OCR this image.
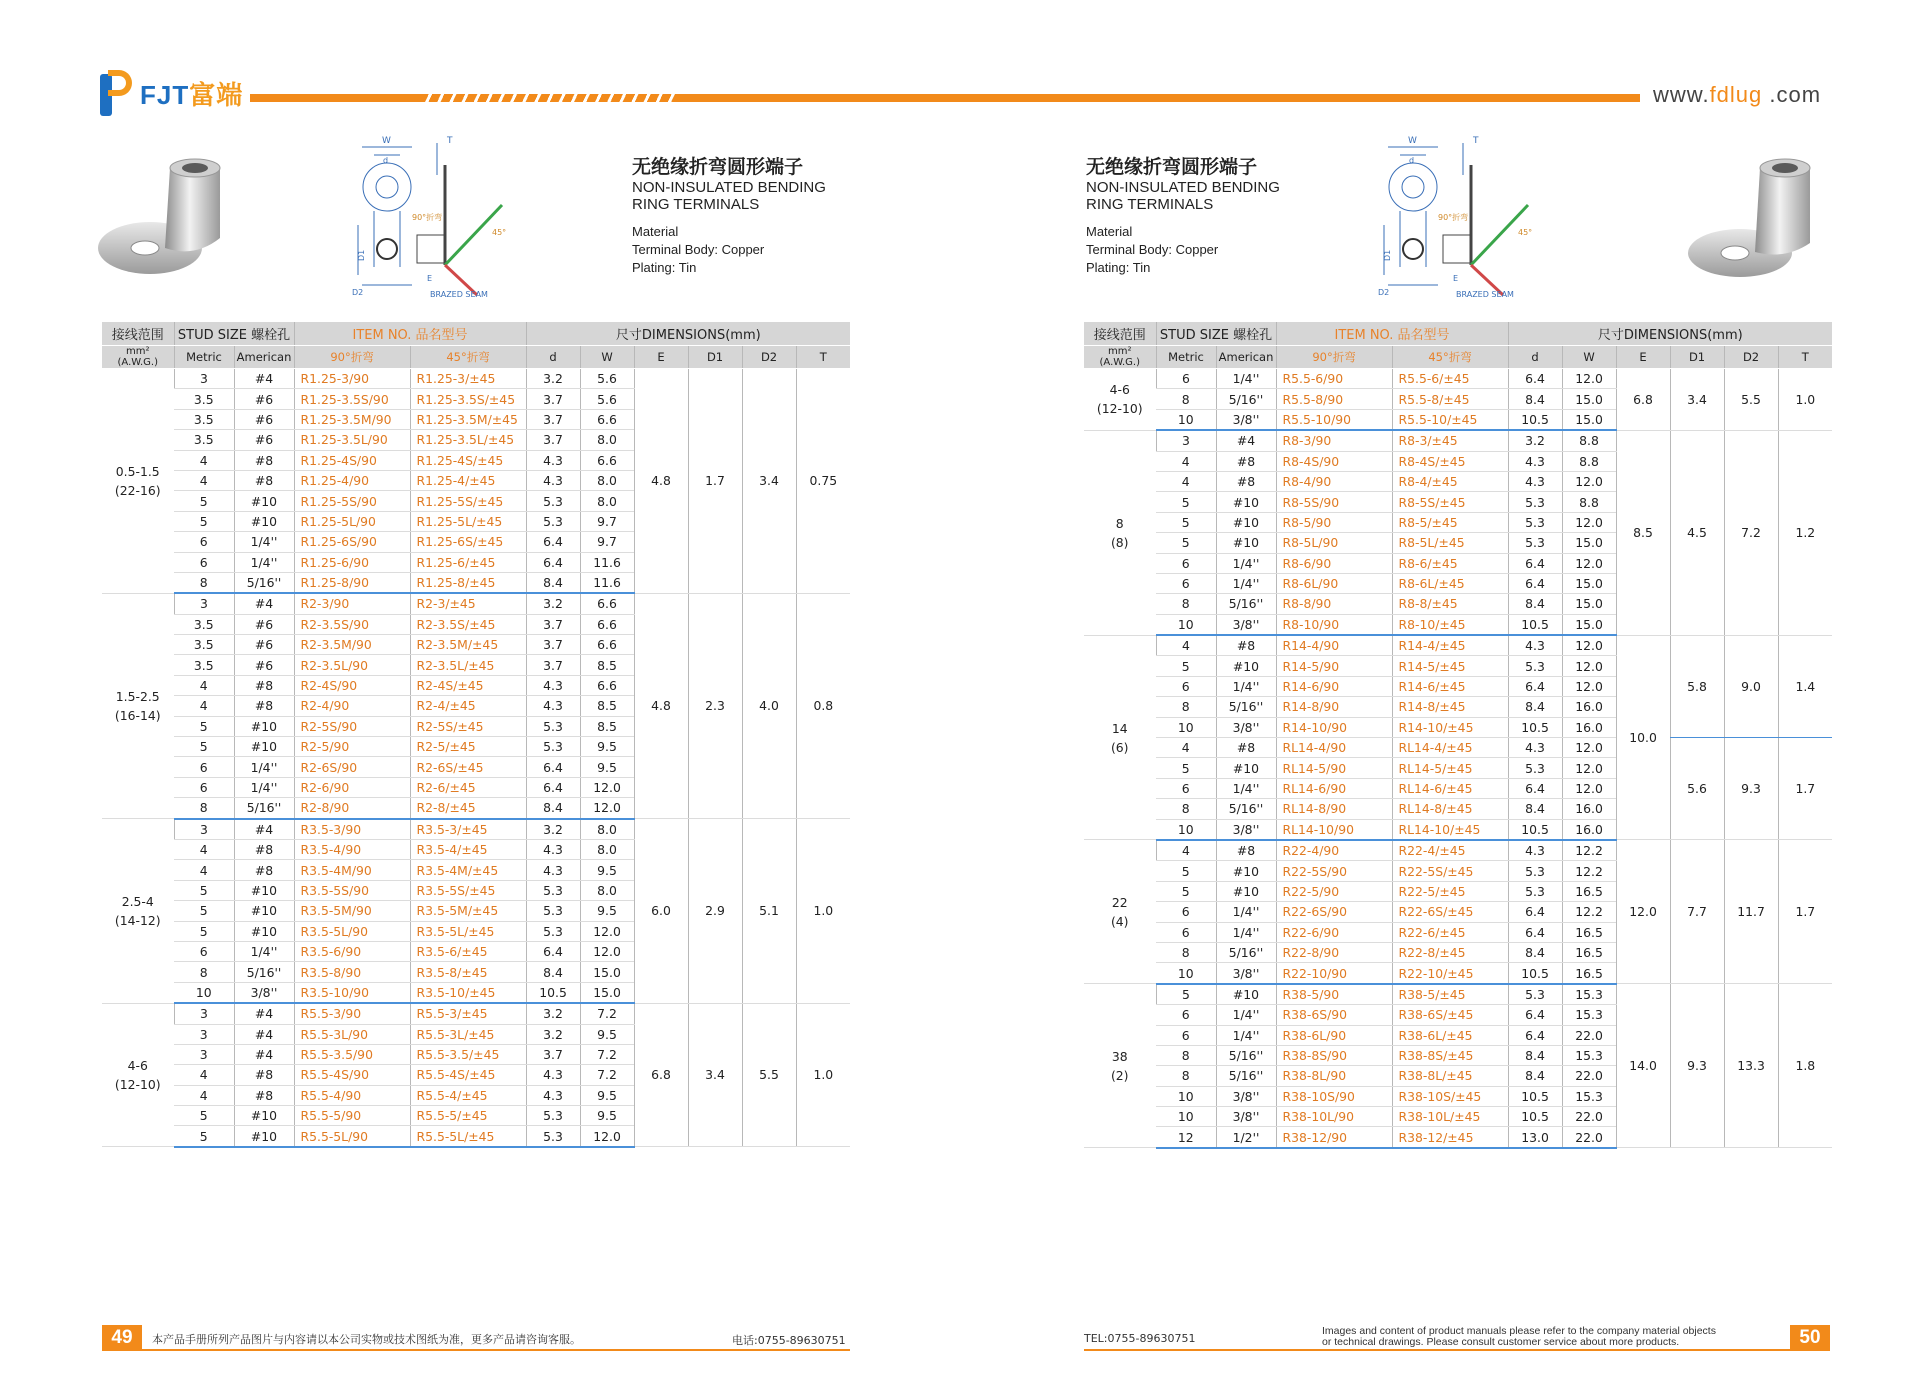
FJT富端	www.fdlug .com
W
d
T
D1
D2
E
90°折弯
45°
BRAZED SEAM
无绝缘折弯圆形端子
NON-INSULATED BENDING
RING TERMINALS
Material
Terminal Body: Copper
Plating: Tin
无绝缘折弯圆形端子
NON-INSULATED BENDING
RING TERMINALS
Material
Terminal Body: Copper
Plating: Tin
W
d
T
D1
D2
E
90°折弯
45°
BRAZED SEAM
接线范围	STUD SIZE 螺栓孔		ITEM NO. 品名型号		尺寸DIMENSIONS(mm)					

mm²
(A.W.G.)	Metric	American	90°折弯	45°折弯	d	W	E	D1	D2	T

0.5-1.5
(22-16)	3	#4	R1.25-3/90	R1.25-3/±45	3.2	5.6	4.8	1.7	3.4	0.75
	3.5	#6	R1.25-3.5S/90	R1.25-3.5S/±45	3.7	5.6				
	3.5	#6	R1.25-3.5M/90	R1.25-3.5M/±45	3.7	6.6				
	3.5	#6	R1.25-3.5L/90	R1.25-3.5L/±45	3.7	8.0				
	4	#8	R1.25-4S/90	R1.25-4S/±45	4.3	6.6				
	4	#8	R1.25-4/90	R1.25-4/±45	4.3	8.0				
	5	#10	R1.25-5S/90	R1.25-5S/±45	5.3	8.0				
	5	#10	R1.25-5L/90	R1.25-5L/±45	5.3	9.7				
	6	1/4''	R1.25-6S/90	R1.25-6S/±45	6.4	9.7				
	6	1/4''	R1.25-6/90	R1.25-6/±45	6.4	11.6				
	8	5/16''	R1.25-8/90	R1.25-8/±45	8.4	11.6				

1.5-2.5
(16-14)	3	#4	R2-3/90	R2-3/±45	3.2	6.6	4.8	2.3	4.0	0.8
	3.5	#6	R2-3.5S/90	R2-3.5S/±45	3.7	6.6				
	3.5	#6	R2-3.5M/90	R2-3.5M/±45	3.7	6.6				
	3.5	#6	R2-3.5L/90	R2-3.5L/±45	3.7	8.5				
	4	#8	R2-4S/90	R2-4S/±45	4.3	6.6				
	4	#8	R2-4/90	R2-4/±45	4.3	8.5				
	5	#10	R2-5S/90	R2-5S/±45	5.3	8.5				
	5	#10	R2-5/90	R2-5/±45	5.3	9.5				
	6	1/4''	R2-6S/90	R2-6S/±45	6.4	9.5				
	6	1/4''	R2-6/90	R2-6/±45	6.4	12.0				
	8	5/16''	R2-8/90	R2-8/±45	8.4	12.0				

2.5-4
(14-12)	3	#4	R3.5-3/90	R3.5-3/±45	3.2	8.0	6.0	2.9	5.1	1.0
	4	#8	R3.5-4/90	R3.5-4/±45	4.3	8.0				
	4	#8	R3.5-4M/90	R3.5-4M/±45	4.3	9.5				
	5	#10	R3.5-5S/90	R3.5-5S/±45	5.3	8.0				
	5	#10	R3.5-5M/90	R3.5-5M/±45	5.3	9.5				
	5	#10	R3.5-5L/90	R3.5-5L/±45	5.3	12.0				
	6	1/4''	R3.5-6/90	R3.5-6/±45	6.4	12.0				
	8	5/16''	R3.5-8/90	R3.5-8/±45	8.4	15.0				
	10	3/8''	R3.5-10/90	R3.5-10/±45	10.5	15.0				

4-6
(12-10)	3	#4	R5.5-3/90	R5.5-3/±45	3.2	7.2	6.8	3.4	5.5	1.0
	3	#4	R5.5-3L/90	R5.5-3L/±45	3.2	9.5				
	3	#4	R5.5-3.5/90	R5.5-3.5/±45	3.7	7.2				
	4	#8	R5.5-4S/90	R5.5-4S/±45	4.3	7.2				
	4	#8	R5.5-4/90	R5.5-4/±45	4.3	9.5				
	5	#10	R5.5-5/90	R5.5-5/±45	5.3	9.5				
	5	#10	R5.5-5L/90	R5.5-5L/±45	5.3	12.0				
接线范围	STUD SIZE 螺栓孔		ITEM NO. 品名型号		尺寸DIMENSIONS(mm)					

mm²
(A.W.G.)	Metric	American	90°折弯	45°折弯	d	W	E	D1	D2	T

4-6
(12-10)	6	1/4''	R5.5-6/90	R5.5-6/±45	6.4	12.0	6.8	3.4	5.5	1.0
	8	5/16''	R5.5-8/90	R5.5-8/±45	8.4	15.0				
	10	3/8''	R5.5-10/90	R5.5-10/±45	10.5	15.0				

8
(8)	3	#4	R8-3/90	R8-3/±45	3.2	8.8	8.5	4.5	7.2	1.2
	4	#8	R8-4S/90	R8-4S/±45	4.3	8.8				
	4	#8	R8-4/90	R8-4/±45	4.3	12.0				
	5	#10	R8-5S/90	R8-5S/±45	5.3	8.8				
	5	#10	R8-5/90	R8-5/±45	5.3	12.0				
	5	#10	R8-5L/90	R8-5L/±45	5.3	15.0				
	6	1/4''	R8-6/90	R8-6/±45	6.4	12.0				
	6	1/4''	R8-6L/90	R8-6L/±45	6.4	15.0				
	8	5/16''	R8-8/90	R8-8/±45	8.4	15.0				
	10	3/8''	R8-10/90	R8-10/±45	10.5	15.0				

14
(6)	4	#8	R14-4/90	R14-4/±45	4.3	12.0	10.0	5.8	9.0	1.4
	5	#10	R14-5/90	R14-5/±45	5.3	12.0				
	6	1/4''	R14-6/90	R14-6/±45	6.4	12.0				
	8	5/16''	R14-8/90	R14-8/±45	8.4	16.0				
	10	3/8''	R14-10/90	R14-10/±45	10.5	16.0				
	4	#8	RL14-4/90	RL14-4/±45	4.3	12.0		5.6	9.3	1.7
	5	#10	RL14-5/90	RL14-5/±45	5.3	12.0				
	6	1/4''	RL14-6/90	RL14-6/±45	6.4	12.0				
	8	5/16''	RL14-8/90	RL14-8/±45	8.4	16.0				
	10	3/8''	RL14-10/90	RL14-10/±45	10.5	16.0				

22
(4)	4	#8	R22-4/90	R22-4/±45	4.3	12.2	12.0	7.7	11.7	1.7
	5	#10	R22-5S/90	R22-5S/±45	5.3	12.2				
	5	#10	R22-5/90	R22-5/±45	5.3	16.5				
	6	1/4''	R22-6S/90	R22-6S/±45	6.4	12.2				
	6	1/4''	R22-6/90	R22-6/±45	6.4	16.5				
	8	5/16''	R22-8/90	R22-8/±45	8.4	16.5				
	10	3/8''	R22-10/90	R22-10/±45	10.5	16.5				

38
(2)	5	#10	R38-5/90	R38-5/±45	5.3	15.3	14.0	9.3	13.3	1.8
	6	1/4''	R38-6S/90	R38-6S/±45	6.4	15.3				
	6	1/4''	R38-6L/90	R38-6L/±45	6.4	22.0				
	8	5/16''	R38-8S/90	R38-8S/±45	8.4	15.3				
	8	5/16''	R38-8L/90	R38-8L/±45	8.4	22.0				
	10	3/8''	R38-10S/90	R38-10S/±45	10.5	15.3				
	10	3/8''	R38-10L/90	R38-10L/±45	10.5	22.0				
	12	1/2''	R38-12/90	R38-12/±45	13.0	22.0				
49	本产品手册所列产品图片与内容请以本公司实物或技术图纸为准，更多产品请咨询客服。	电话:0755-89630751	TEL:0755-89630751
Images and content of product manuals please refer to the company material objects
or technical drawings. Please consult customer service about more products.	50
